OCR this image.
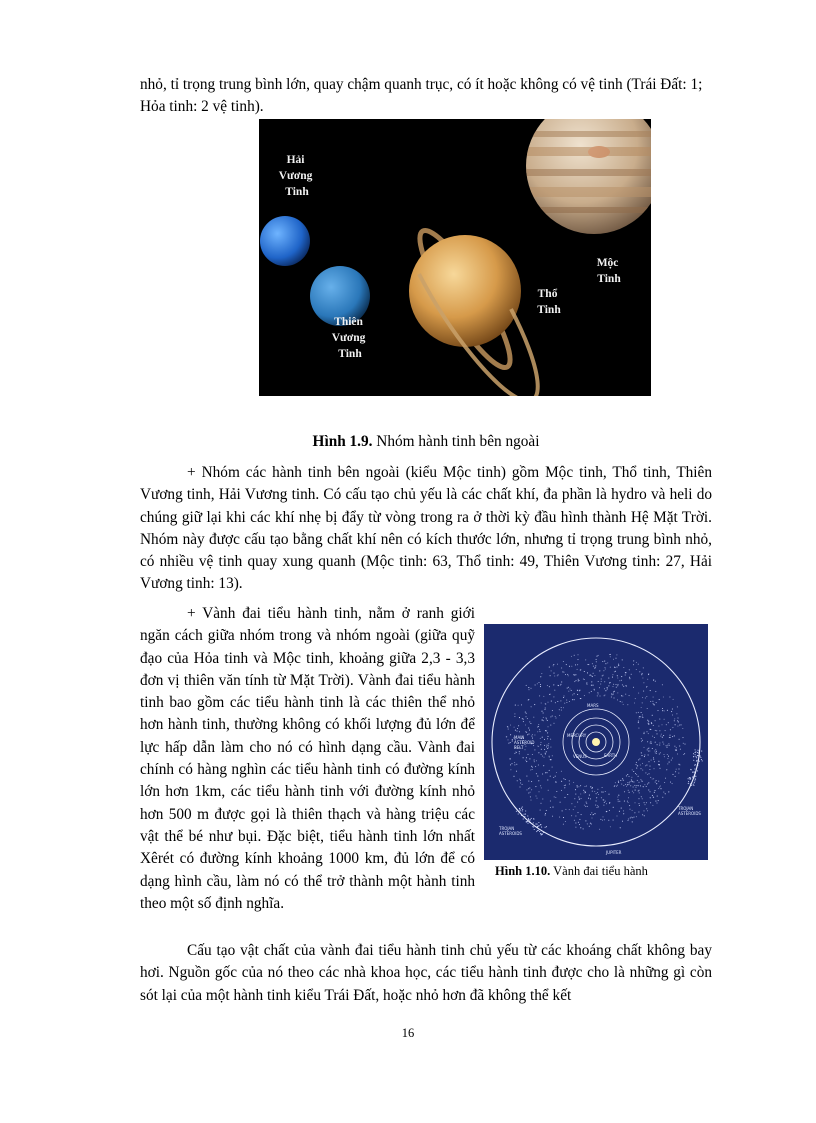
nhỏ, tỉ trọng trung bình lớn, quay chậm quanh trục, có ít hoặc không có vệ tinh (Trái Đất: 1; Hỏa tinh: 2 vệ tinh).

Hải Vương Tinh
Thiên Vương Tinh
Thổ Tinh
Mộc Tinh
Hình 1.9. Nhóm hành tinh bên ngoài

+ Nhóm các hành tinh bên ngoài (kiểu Mộc tinh) gồm Mộc tinh, Thổ tinh, Thiên Vương tinh, Hải Vương tinh. Có cấu tạo chủ yếu là các chất khí, đa phần là hydro và heli do chúng giữ lại khi các khí nhẹ bị đẩy từ vòng trong ra ở thời kỳ đầu hình thành Hệ Mặt Trời. Nhóm này được cấu tạo bằng chất khí nên có kích thước lớn, nhưng tỉ trọng trung bình nhỏ, có nhiều vệ tinh quay xung quanh (Mộc tinh: 63, Thổ tinh: 49, Thiên Vương tinh: 27, Hải Vương tinh: 13).

+ Vành đai tiểu hành tinh, nằm ở ranh giới ngăn cách giữa nhóm trong và nhóm ngoài (giữa quỹ đạo của Hỏa tinh và Mộc tinh, khoảng giữa 2,3 - 3,3 đơn vị thiên văn tính từ Mặt Trời). Vành đai tiểu hành tinh bao gồm các tiểu hành tinh là các thiên thể nhỏ hơn hành tinh, thường không có khối lượng đủ lớn để lực hấp dẫn làm cho nó có hình dạng cầu. Vành đai chính có hàng nghìn các tiểu hành tinh có đường kính lớn hơn 1km, các tiểu hành tinh với đường kính nhỏ hơn 500 m được gọi là thiên thạch và hàng triệu các vật thể bé như bụi. Đặc biệt, tiểu hành tinh lớn nhất Xêrét có đường kính khoảng 1000 km, đủ lớn để có dạng hình cầu, làm nó có thể trở thành một hành tinh theo một số định nghĩa.

MARS
MERCURY
VENUS	EARTH
MAIN ASTEROID BELT
TROJAN ASTEROIDS
TROJAN ASTEROIDS
JUPITER
Hình 1.10. Vành đai tiểu hành

Cấu tạo vật chất của vành đai tiểu hành tinh chủ yếu từ các khoáng chất không bay hơi. Nguồn gốc của nó theo các nhà khoa học, các tiểu hành tinh được cho là những gì còn sót lại của một hành tinh kiểu Trái Đất, hoặc nhỏ hơn đã không thể kết

16
